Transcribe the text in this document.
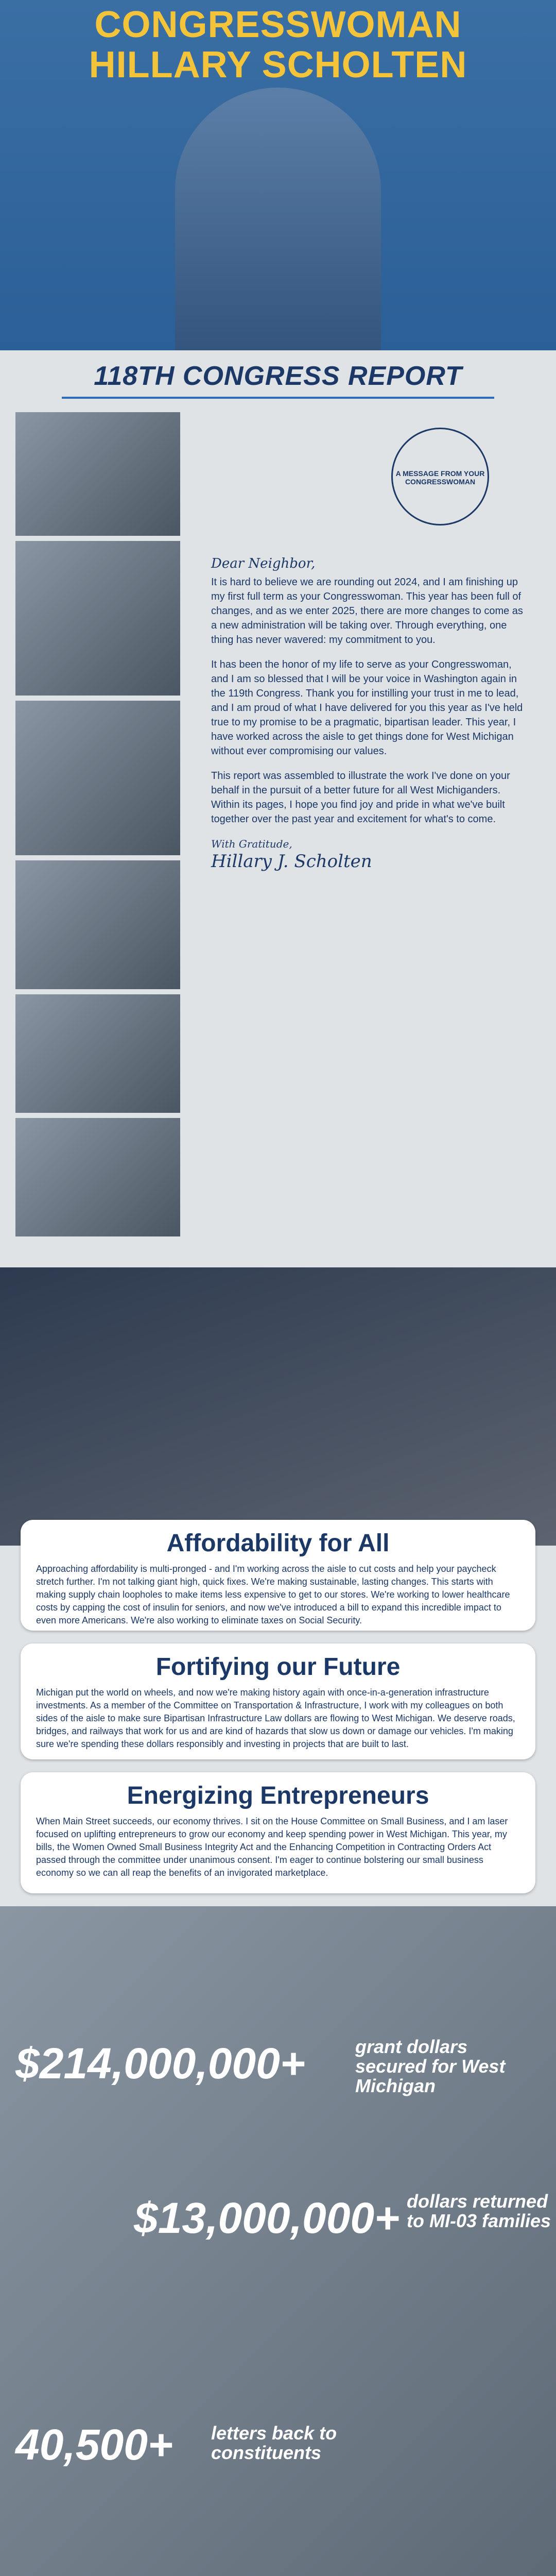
CONGRESSWOMAN
HILLARY SCHOLTEN
118TH CONGRESS REPORT
A MESSAGE FROM YOUR CONGRESSWOMAN

Dear Neighbor,

It is hard to believe we are rounding out 2024, and I am finishing up my first full term as your Congresswoman. This year has been full of changes, and as we enter 2025, there are more changes to come as a new administration will be taking over. Through everything, one thing has never wavered: my commitment to you.

It has been the honor of my life to serve as your Congresswoman, and I am so blessed that I will be your voice in Washington again in the 119th Congress. Thank you for instilling your trust in me to lead, and I am proud of what I have delivered for you this year as I've held true to my promise to be a pragmatic, bipartisan leader. This year, I have worked across the aisle to get things done for West Michigan without ever compromising our values.

This report was assembled to illustrate the work I've done on your behalf in the pursuit of a better future for all West Michiganders. Within its pages, I hope you find joy and pride in what we've built together over the past year and excitement for what's to come.

With Gratitude,

Hillary J. Scholten
Affordability for All

Approaching affordability is multi-pronged - and I'm working across the aisle to cut costs and help your paycheck stretch further. I'm not talking giant high, quick fixes. We're making sustainable, lasting changes. This starts with making supply chain loopholes to make items less expensive to get to our stores. We're working to lower healthcare costs by capping the cost of insulin for seniors, and now we've introduced a bill to expand this incredible impact to even more Americans. We're also working to eliminate taxes on Social Security.

Fortifying our Future

Michigan put the world on wheels, and now we're making history again with once-in-a-generation infrastructure investments. As a member of the Committee on Transportation & Infrastructure, I work with my colleagues on both sides of the aisle to make sure Bipartisan Infrastructure Law dollars are flowing to West Michigan. We deserve roads, bridges, and railways that work for us and are kind of hazards that slow us down or damage our vehicles. I'm making sure we're spending these dollars responsibly and investing in projects that are built to last.

Energizing Entrepreneurs

When Main Street succeeds, our economy thrives. I sit on the House Committee on Small Business, and I am laser focused on uplifting entrepreneurs to grow our economy and keep spending power in West Michigan. This year, my bills, the Women Owned Small Business Integrity Act and the Enhancing Competition in Contracting Orders Act passed through the committee under unanimous consent. I'm eager to continue bolstering our small business economy so we can all reap the benefits of an invigorated marketplace.

$214,000,000+	grant dollars secured for West Michigan
$13,000,000+ dollars returned to MI-03 families
40,500+ letters back to constituents
